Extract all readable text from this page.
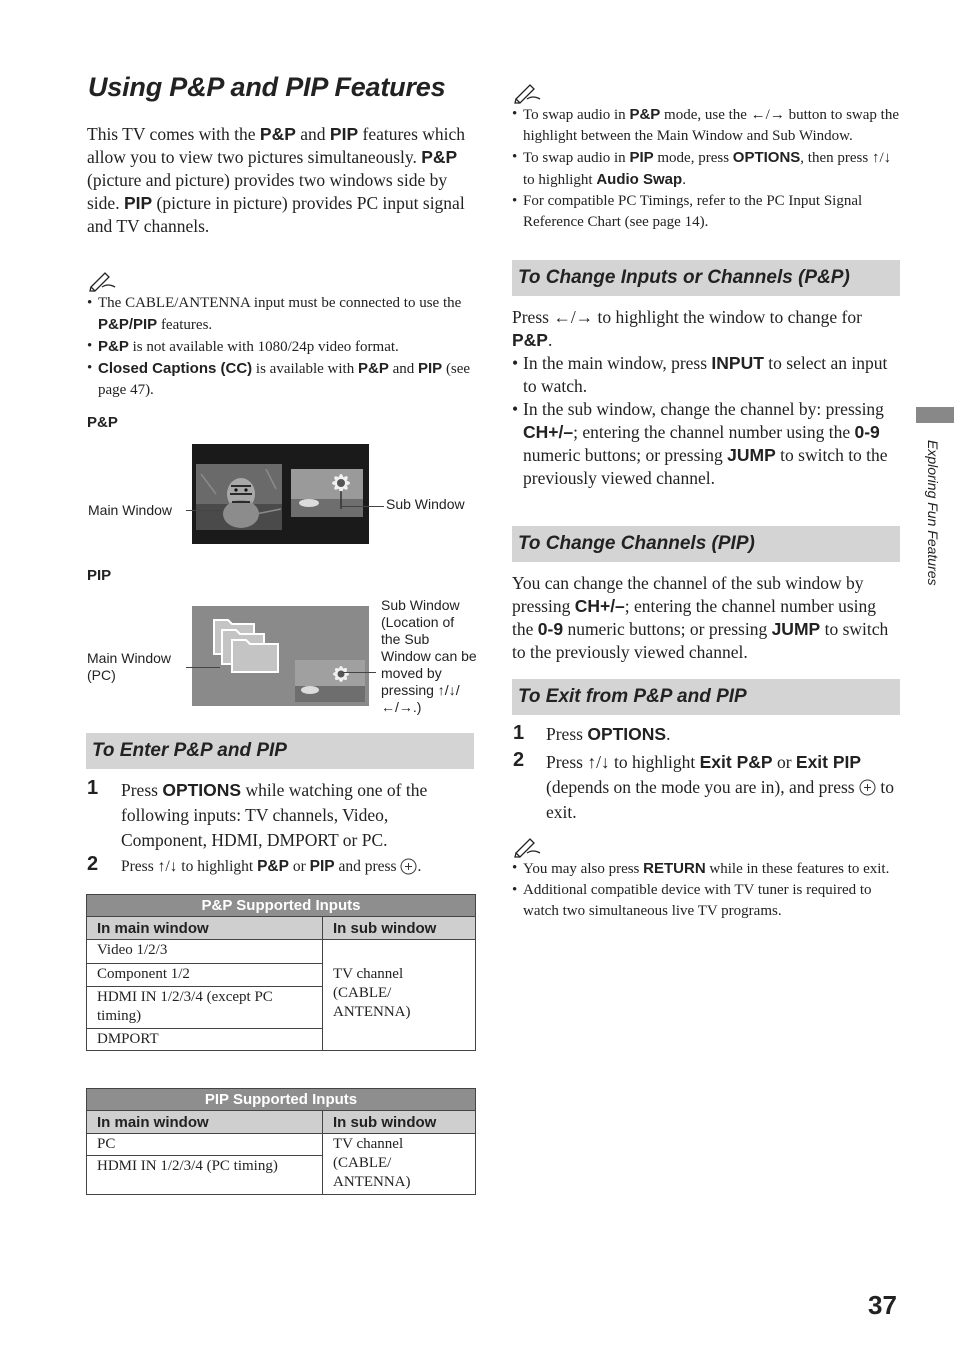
Using P&P and PIP Features
This TV comes with the P&P and PIP features which allow you to view two pictures simultaneously. P&P (picture and picture) provides two windows side by side. PIP (picture in picture) provides PC input signal and TV channels.
• The CABLE/ANTENNA input must be connected to use the P&P/PIP features.
• P&P is not available with 1080/24p video format.
• Closed Captions (CC) is available with P&P and PIP (see page 47).
P&P
Main Window	Sub Window
PIP
Main Window (PC)
Sub Window (Location of the Sub Window can be moved by pressing ↑/↓/←/→.)
To Enter P&P and PIP
1 Press OPTIONS while watching one of the following inputs: TV channels, Video, Component, HDMI, DMPORT or PC.
2 Press ↑/↓ to highlight P&P or PIP and press .
P&P Supported Inputs	
In main window	In sub window
Video 1/2/3	TV channel (CABLE/ ANTENNA)
Component 1/2	
HDMI IN 1/2/3/4 (except PC timing)	
DMPORT	
PIP Supported Inputs	
In main window	In sub window
PC	TV channel (CABLE/ ANTENNA)
HDMI IN 1/2/3/4 (PC timing)	
• To swap audio in P&P mode, use the ←/→ button to swap the highlight between the Main Window and Sub Window.
• To swap audio in PIP mode, press OPTIONS, then press ↑/↓ to highlight Audio Swap.
• For compatible PC Timings, refer to the PC Input Signal Reference Chart (see page 14).
To Change Inputs or Channels (P&P)
Press ←/→ to highlight the window to change for P&P.
• In the main window, press INPUT to select an input to watch.
• In the sub window, change the channel by: pressing CH+/–; entering the channel number using the 0-9 numeric buttons; or pressing JUMP to switch to the previously viewed channel.
To Change Channels (PIP)
You can change the channel of the sub window by pressing CH+/–; entering the channel number using the 0-9 numeric buttons; or pressing JUMP to switch to the previously viewed channel.
To Exit from P&P and PIP
1 Press OPTIONS.
2 Press ↑/↓ to highlight Exit P&P or Exit PIP (depends on the mode you are in), and press  to exit.
• You may also press RETURN while in these features to exit.
• Additional compatible device with TV tuner is required to watch two simultaneous live TV programs.
Exploring Fun Features
37
